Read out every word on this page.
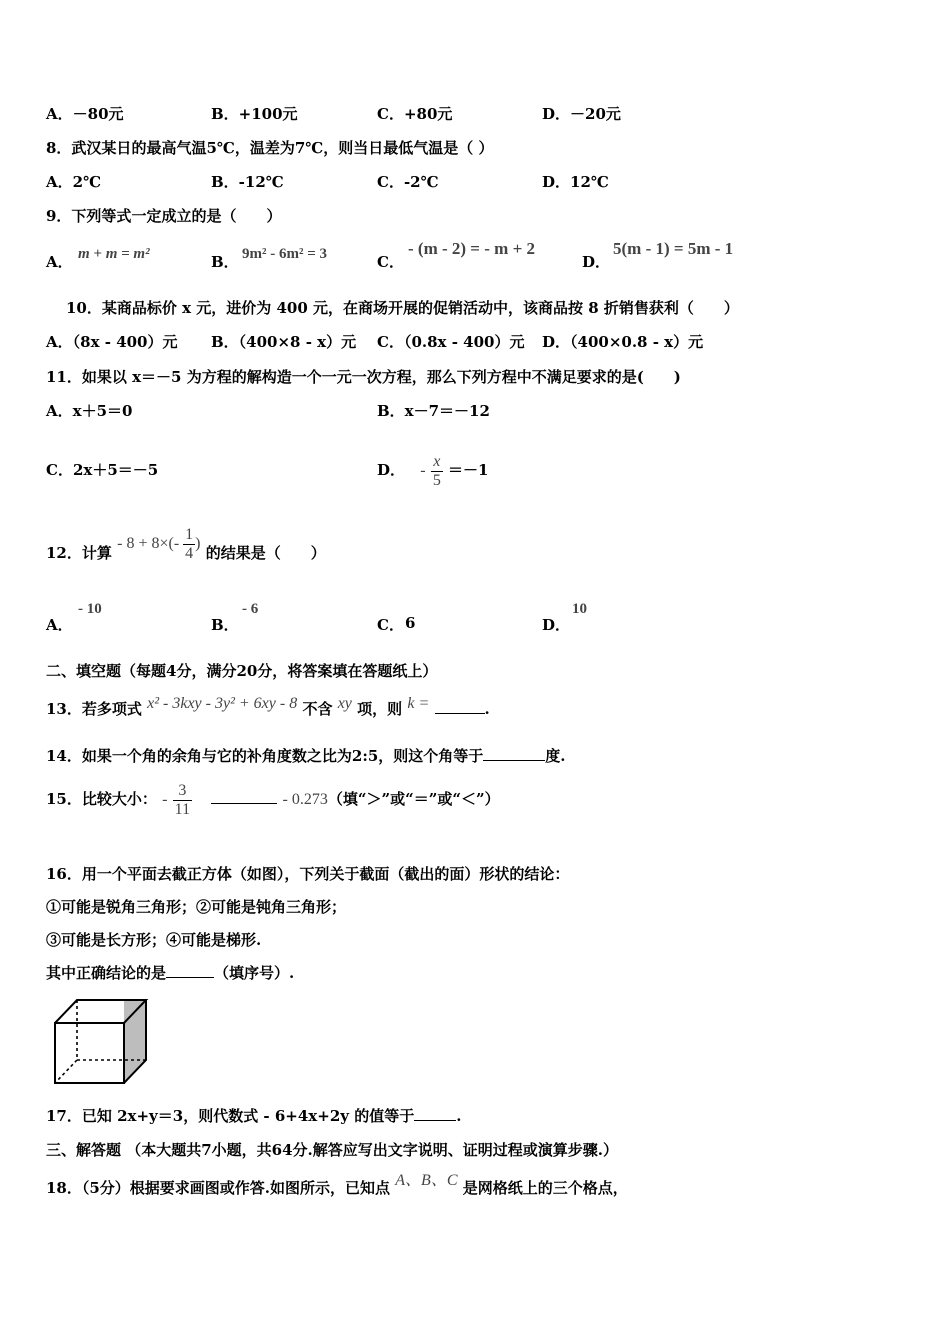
A．－80元	B．+100元	C．+80元	D．－20元
8．武汉某日的最高气温5℃，温差为7℃，则当日最低气温是（ ）
A．2℃	B．-12℃	C．-2℃	D．12℃
9．下列等式一定成立的是（　　）
A． m + m = m²	B． 9m² - 6m² = 3	C．
- (m - 2) = - m + 2
D．
5(m - 1) = 5m - 1
10．某商品标价 x 元，进价为 400 元，在商场开展的促销活动中，该商品按 8 折销售获利（　　）
A．（8x - 400）元 B．（400×8 - x）元 C．（0.8x - 400）元 D．（400×0.8 - x）元
11．如果以 x＝－5 为方程的解构造一个一元一次方程，那么下列方程中不满足要求的是(　　)
A．x＋5＝0	B．x－7＝－12
C．2x＋5＝－5	D． - $\frac{x}{5} =-1$
12．计算 - $8 + 8\times(- \frac{1}{4}$ ) 的结果是（　　）
A．
- 10
B．
- 6
C． 6	D．
10
二、填空题（每题4分，满分20分，将答案填在答题纸上）
13．若多项式 x² - 3kxy - 3y² + 6xy - 8 不含 xy 项，则 k =	.
14．如果一个角的余角与它的补角度数之比为2:5，则这个角等于	度.
15．比较大小： - $\frac{3}{11}$	- 0.273（填“＞”或“＝”或“＜”）
16．用一个平面去截正方体（如图），下列关于截面（截出的面）形状的结论：
①可能是锐角三角形；②可能是钝角三角形；
③可能是长方形；④可能是梯形.
其中正确结论的是	（填序号）.
17．已知 2x+y＝3，则代数式 - 6+4x+2y 的值等于	.
三、解答题 （本大题共7小题，共64分.解答应写出文字说明、证明过程或演算步骤.）
18．（5分）根据要求画图或作答.如图所示，已知点 A、B、C 是网格纸上的三个格点，
